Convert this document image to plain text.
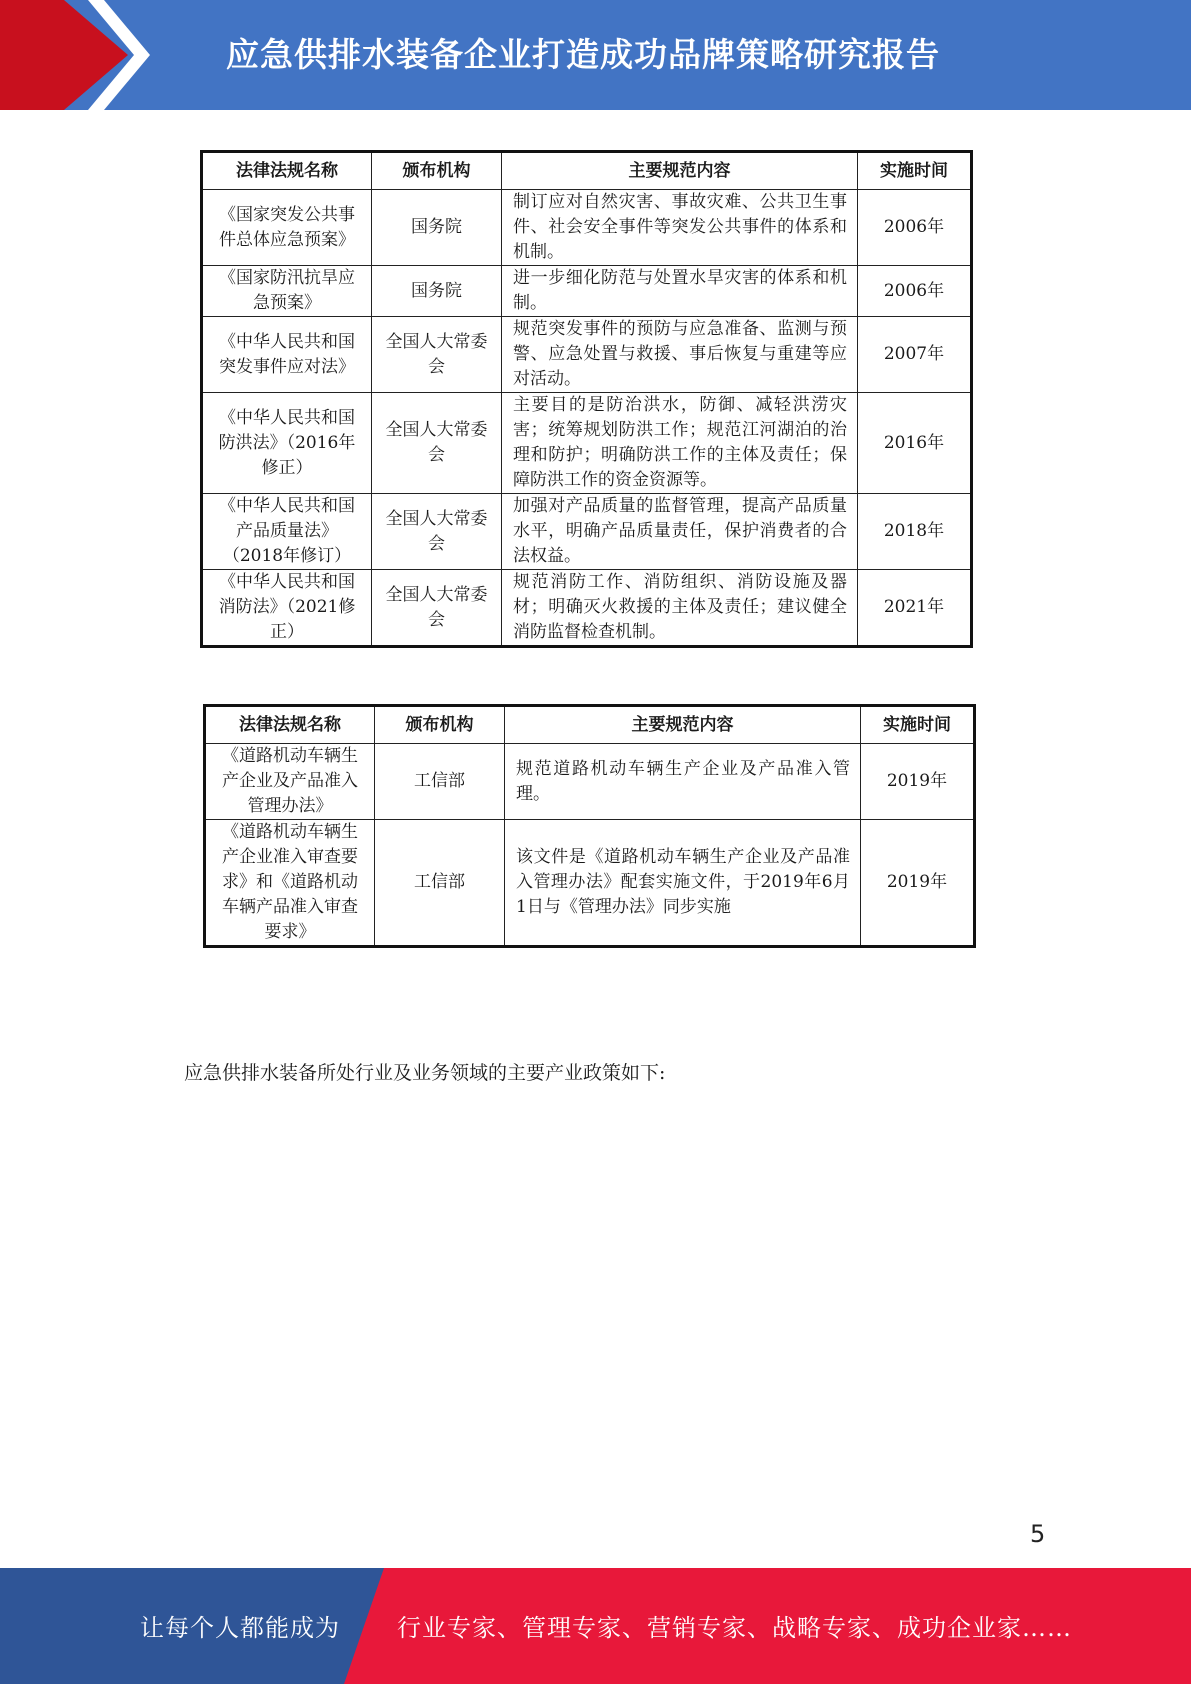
应急供排水装备企业打造成功品牌策略研究报告
法律法规名称	颁布机构	主要规范内容	实施时间
《国家突发公共事件总体应急预案》	国务院	制订应对自然灾害、事故灾难、公共卫生事件、社会安全事件等突发公共事件的体系和机制。	2006年
《国家防汛抗旱应急预案》	国务院	进一步细化防范与处置水旱灾害的体系和机制。	2006年
《中华人民共和国突发事件应对法》	全国人大常委会	规范突发事件的预防与应急准备、监测与预警、应急处置与救援、事后恢复与重建等应对活动。	2007年
《中华人民共和国防洪法》（2016年修正）	全国人大常委会	主要目的是防治洪水，防御、减轻洪涝灾害；统筹规划防洪工作；规范江河湖泊的治理和防护；明确防洪工作的主体及责任；保障防洪工作的资金资源等。	2016年
《中华人民共和国产品质量法》（2018年修订）	全国人大常委会	加强对产品质量的监督管理，提高产品质量水平，明确产品质量责任，保护消费者的合法权益。	2018年
《中华人民共和国消防法》（2021修正）	全国人大常委会	规范消防工作、消防组织、消防设施及器材；明确灭火救援的主体及责任；建议健全消防监督检查机制。	2021年
法律法规名称	颁布机构	主要规范内容	实施时间
《道路机动车辆生产企业及产品准入管理办法》	工信部	规范道路机动车辆生产企业及产品准入管理。	2019年
《道路机动车辆生产企业准入审查要求》和《道路机动车辆产品准入审查要求》	工信部	该文件是《道路机动车辆生产企业及产品准入管理办法》配套实施文件，于2019年6月1日与《管理办法》同步实施	2019年
应急供排水装备所处行业及业务领域的主要产业政策如下:
5
让每个人都能成为 行业专家、管理专家、营销专家、战略专家、成功企业家……
